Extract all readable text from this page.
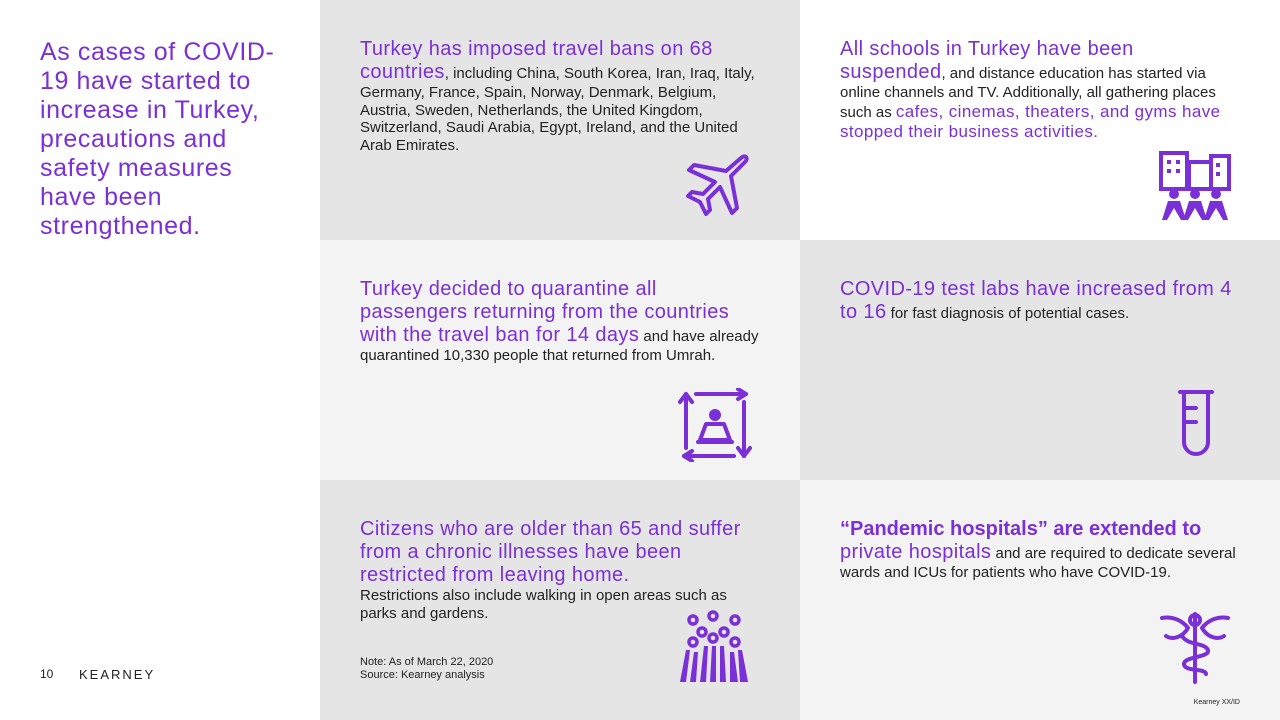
As cases of COVID-19 have started to increase in Turkey, precautions and safety measures have been strengthened.
10 KEARNEY
Turkey has imposed travel bans on 68 countries, including China, South Korea, Iran, Iraq, Italy, Germany, France, Spain, Norway, Denmark, Belgium, Austria, Sweden, Netherlands, the United Kingdom, Switzerland, Saudi Arabia, Egypt, Ireland, and the United Arab Emirates.
All schools in Turkey have been suspended, and distance education has started via online channels and TV. Additionally, all gathering places such as cafes, cinemas, theaters, and gyms have stopped their business activities.
Turkey decided to quarantine all passengers returning from the countries with the travel ban for 14 days and have already quarantined 10,330 people that returned from Umrah.
COVID-19 test labs have increased from 4 to 16 for fast diagnosis of potential cases.
Citizens who are older than 65 and suffer from a chronic illnesses have been restricted from leaving home.
Restrictions also include walking in open areas such as parks and gardens.
Note: As of March 22, 2020
Source: Kearney analysis
“Pandemic hospitals” are extended to
private hospitals and are required to dedicate several wards and ICUs for patients who have COVID-19.
Kearney XX/ID
